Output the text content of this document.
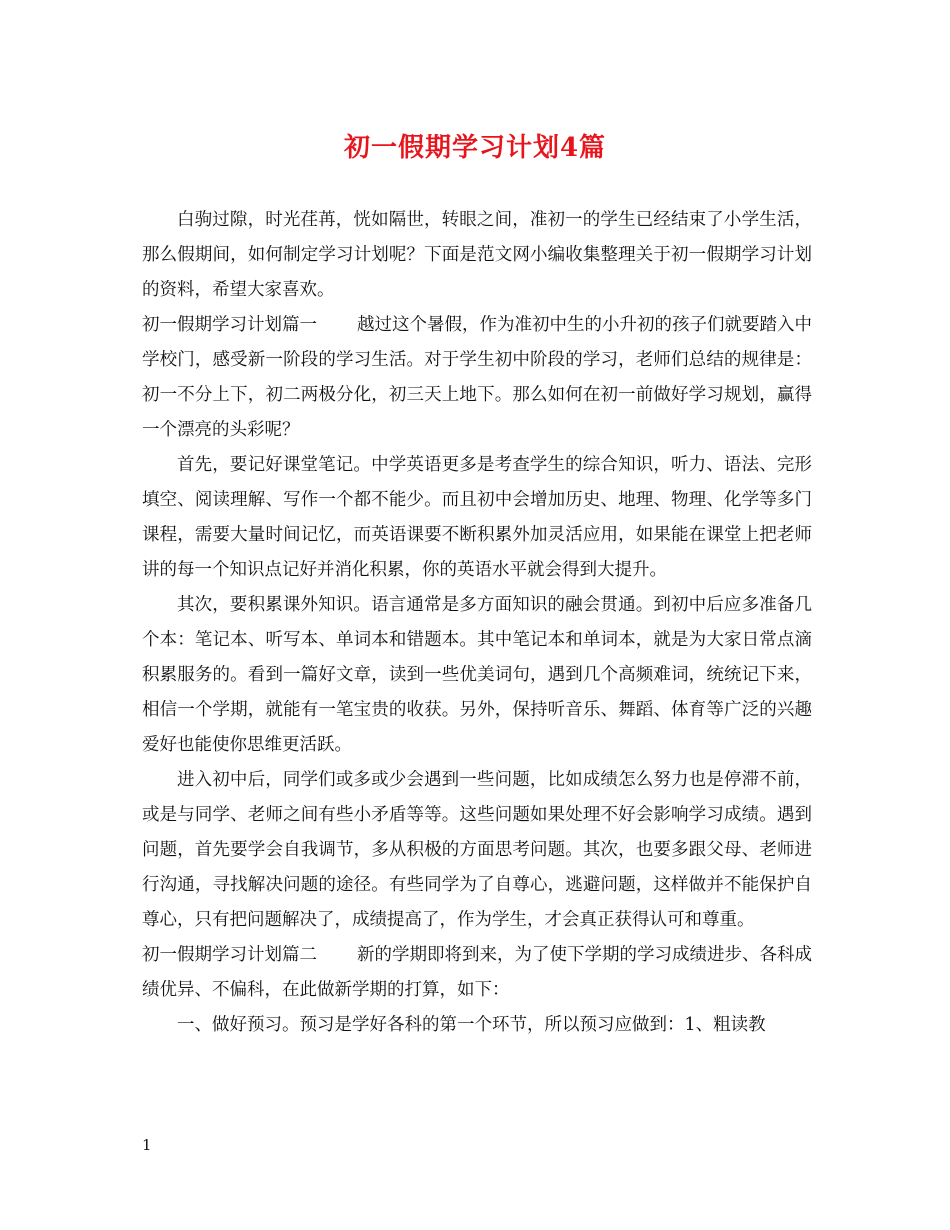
初一假期学习计划4篇

白驹过隙，时光荏苒，恍如隔世，转眼之间，准初一的学生已经结束了小学生活，那么假期间，如何制定学习计划呢？下面是范文网小编收集整理关于初一假期学习计划的资料，希望大家喜欢。

初一假期学习计划篇一 越过这个暑假，作为准初中生的小升初的孩子们就要踏入中学校门，感受新一阶段的学习生活。对于学生初中阶段的学习，老师们总结的规律是：初一不分上下，初二两极分化，初三天上地下。那么如何在初一前做好学习规划，赢得一个漂亮的头彩呢？

首先，要记好课堂笔记。中学英语更多是考查学生的综合知识，听力、语法、完形填空、阅读理解、写作一个都不能少。而且初中会增加历史、地理、物理、化学等多门课程，需要大量时间记忆，而英语课要不断积累外加灵活应用，如果能在课堂上把老师讲的每一个知识点记好并消化积累，你的英语水平就会得到大提升。

其次，要积累课外知识。语言通常是多方面知识的融会贯通。到初中后应多准备几个本：笔记本、听写本、单词本和错题本。其中笔记本和单词本，就是为大家日常点滴积累服务的。看到一篇好文章，读到一些优美词句，遇到几个高频难词，统统记下来，相信一个学期，就能有一笔宝贵的收获。另外，保持听音乐、舞蹈、体育等广泛的兴趣爱好也能使你思维更活跃。

进入初中后，同学们或多或少会遇到一些问题，比如成绩怎么努力也是停滞不前，或是与同学、老师之间有些小矛盾等等。这些问题如果处理不好会影响学习成绩。遇到问题，首先要学会自我调节，多从积极的方面思考问题。其次，也要多跟父母、老师进行沟通，寻找解决问题的途径。有些同学为了自尊心，逃避问题，这样做并不能保护自尊心，只有把问题解决了，成绩提高了，作为学生，才会真正获得认可和尊重。

初一假期学习计划篇二 新的学期即将到来，为了使下学期的学习成绩进步、各科成绩优异、不偏科，在此做新学期的打算，如下：

一、做好预习。预习是学好各科的第一个环节，所以预习应做到：1、粗读教

1
